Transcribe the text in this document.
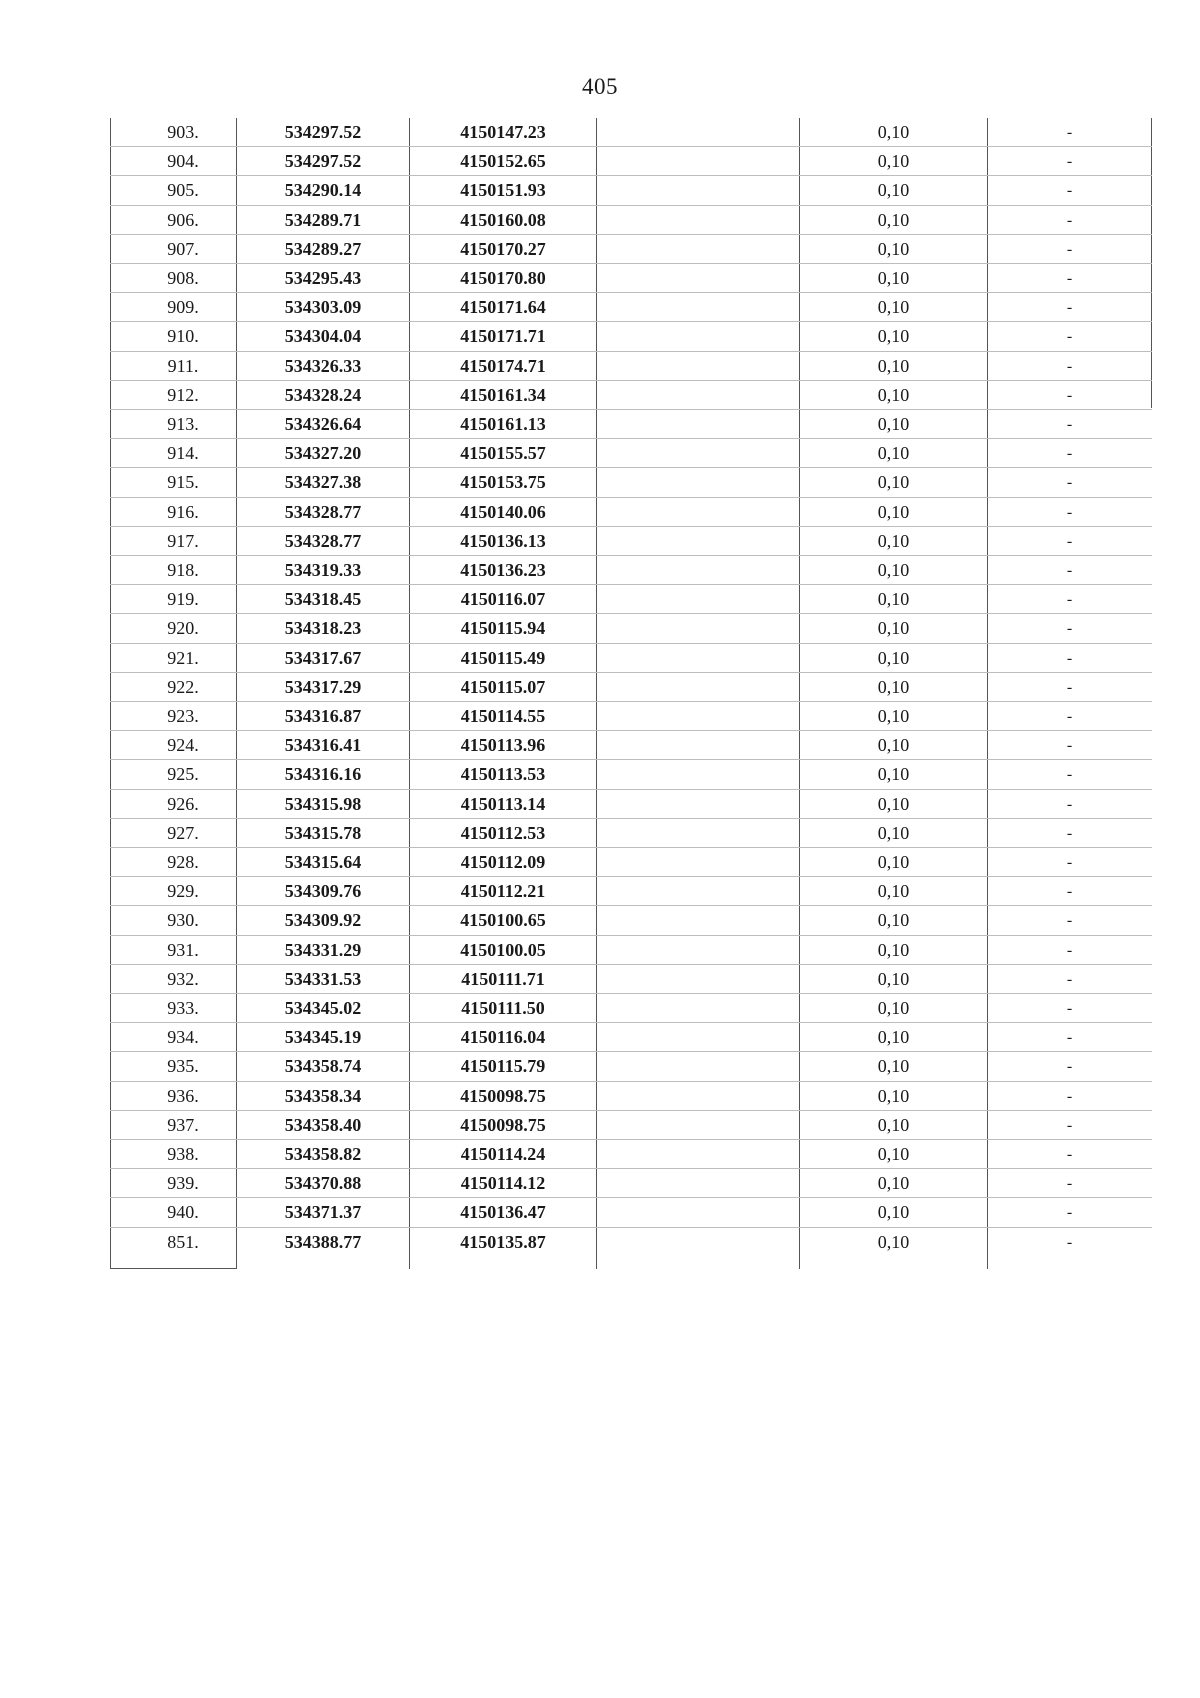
405
903.	534297.52	4150147.23	0,10	-
904.	534297.52	4150152.65	0,10	-
905.	534290.14	4150151.93	0,10	-
906.	534289.71	4150160.08	0,10	-
907.	534289.27	4150170.27	0,10	-
908.	534295.43	4150170.80	0,10	-
909.	534303.09	4150171.64	0,10	-
910.	534304.04	4150171.71	0,10	-
911.	534326.33	4150174.71	0,10	-
912.	534328.24	4150161.34	0,10	-
913.	534326.64	4150161.13	0,10	-
914.	534327.20	4150155.57	0,10	-
915.	534327.38	4150153.75	0,10	-
916.	534328.77	4150140.06	0,10	-
917.	534328.77	4150136.13	0,10	-
918.	534319.33	4150136.23	0,10	-
919.	534318.45	4150116.07	0,10	-
920.	534318.23	4150115.94	0,10	-
921.	534317.67	4150115.49	0,10	-
922.	534317.29	4150115.07	0,10	-
923.	534316.87	4150114.55	0,10	-
924.	534316.41	4150113.96	0,10	-
925.	534316.16	4150113.53	0,10	-
926.	534315.98	4150113.14	0,10	-
927.	534315.78	4150112.53	0,10	-
928.	534315.64	4150112.09	0,10	-
929.	534309.76	4150112.21	0,10	-
930.	534309.92	4150100.65	0,10	-
931.	534331.29	4150100.05	0,10	-
932.	534331.53	4150111.71	0,10	-
933.	534345.02	4150111.50	0,10	-
934.	534345.19	4150116.04	0,10	-
935.	534358.74	4150115.79	0,10	-
936.	534358.34	4150098.75	0,10	-
937.	534358.40	4150098.75	0,10	-
938.	534358.82	4150114.24	0,10	-
939.	534370.88	4150114.12	0,10	-
940.	534371.37	4150136.47	0,10	-
851.	534388.77	4150135.87	0,10	-
